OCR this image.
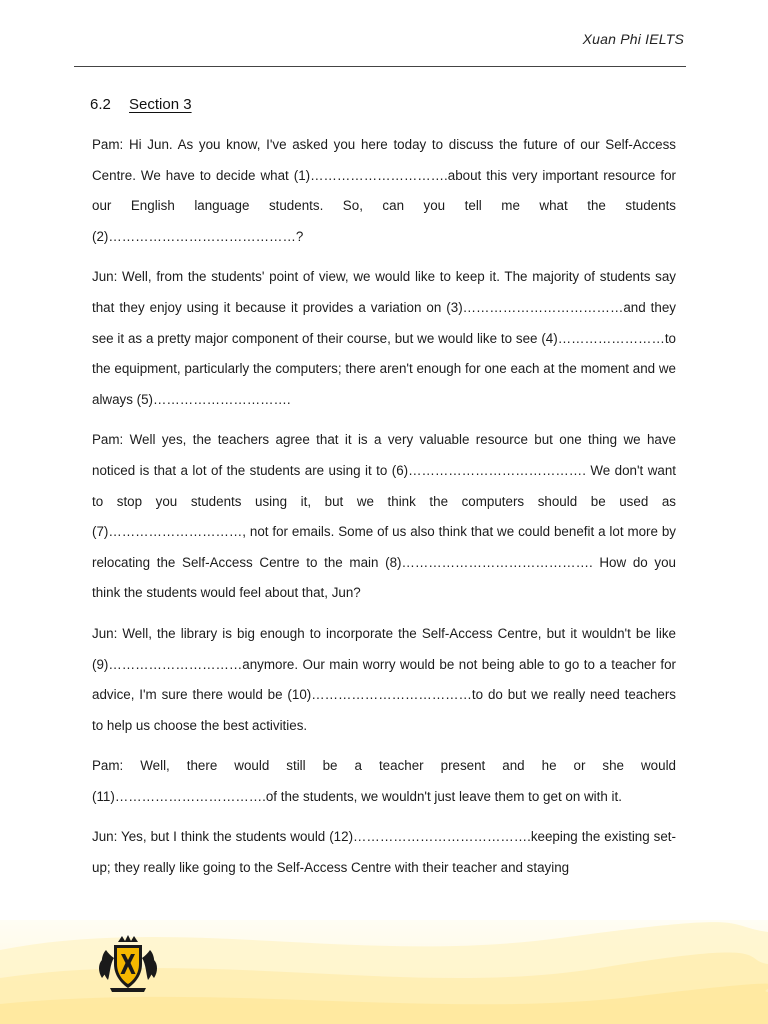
Xuan Phi IELTS
6.2 Section 3

Pam: Hi Jun. As you know, I've asked you here today to discuss the future of our Self-Access Centre. We have to decide what (1)………………………….about this very important resource for our English language students. So, can you tell me what the students (2)……………………………………?

Jun: Well, from the students' point of view, we would like to keep it. The majority of students say that they enjoy using it because it provides a variation on (3)………………………………and they see it as a pretty major component of their course, but we would like to see (4)……………………to the equipment, particularly the computers; there aren't enough for one each at the moment and we always (5)………………………….

Pam: Well yes, the teachers agree that it is a very valuable resource but one thing we have noticed is that a lot of the students are using it to (6)…………………………………. We don't want to stop you students using it, but we think the computers should be used as (7)…………………………, not for emails. Some of us also think that we could benefit a lot more by relocating the Self-Access Centre to the main (8)……………………………………. How do you think the students would feel about that, Jun?

Jun: Well, the library is big enough to incorporate the Self-Access Centre, but it wouldn't be like (9)…………………………anymore. Our main worry would be not being able to go to a teacher for advice, I'm sure there would be (10)………………………………to do but we really need teachers to help us choose the best activities.

Pam: Well, there would still be a teacher present and he or she would (11)…………………………….of the students, we wouldn't just leave them to get on with it.

Jun: Yes, but I think the students would (12)………………………………….keeping the existing set-up; they really like going to the Self-Access Centre with their teacher and staying
